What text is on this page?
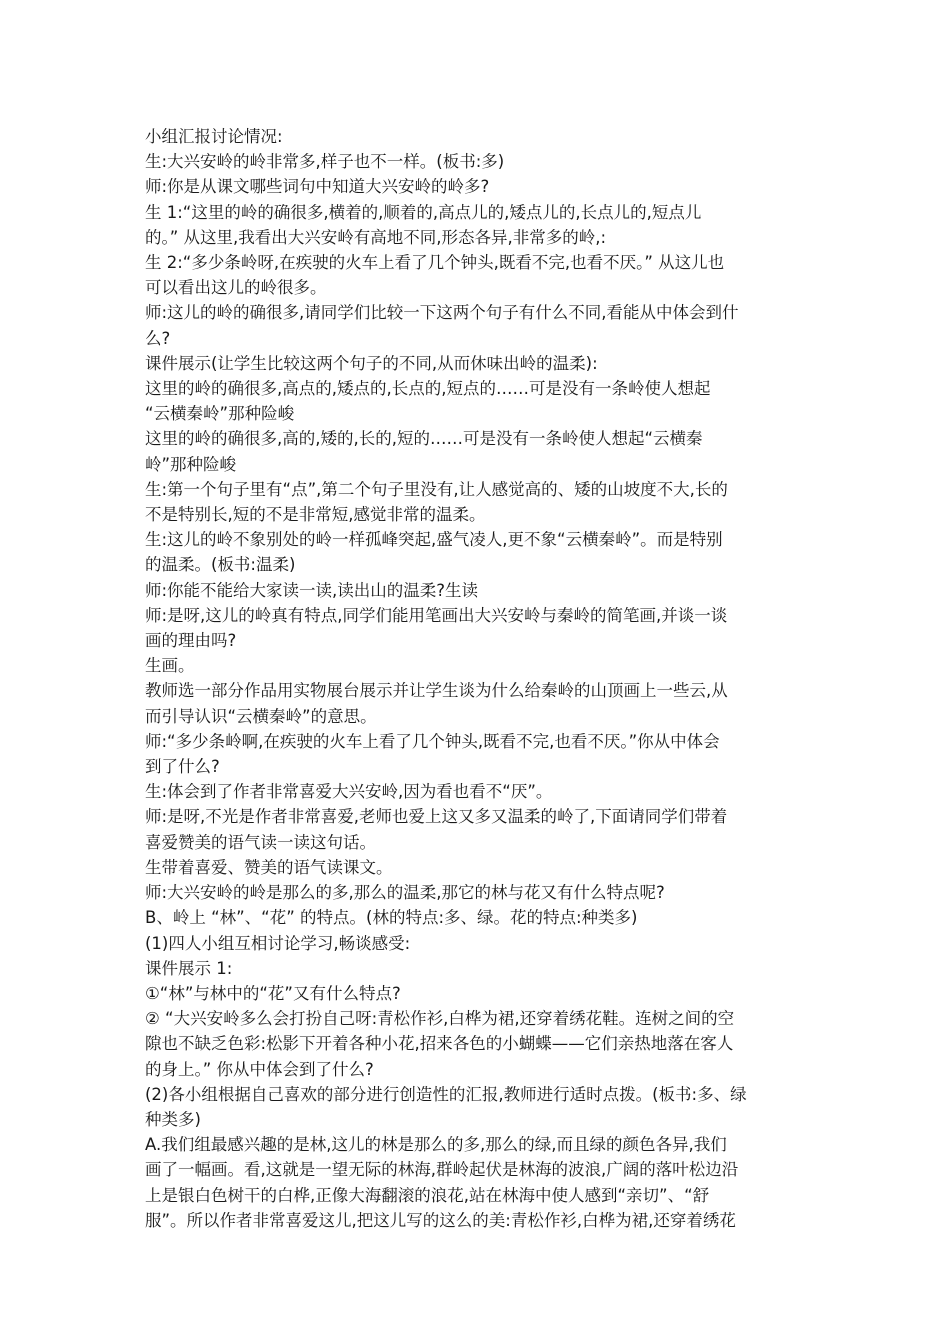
小组汇报讨论情况:
生:大兴安岭的岭非常多,样子也不一样。(板书:多)
师:你是从课文哪些词句中知道大兴安岭的岭多?
生 1:“这里的岭的确很多,横着的,顺着的,高点儿的,矮点儿的,长点儿的,短点儿
的。” 从这里,我看出大兴安岭有高地不同,形态各异,非常多的岭,:
生 2:“多少条岭呀,在疾驶的火车上看了几个钟头,既看不完,也看不厌。” 从这儿也
可以看出这儿的岭很多。
师:这儿的岭的确很多,请同学们比较一下这两个句子有什么不同,看能从中体会到什
么?
课件展示(让学生比较这两个句子的不同,从而休味出岭的温柔):
这里的岭的确很多,高点的,矮点的,长点的,短点的……可是没有一条岭使人想起
“云横秦岭”那种险峻
这里的岭的确很多,高的,矮的,长的,短的……可是没有一条岭使人想起“云横秦
岭”那种险峻
生:第一个句子里有“点”,第二个句子里没有,让人感觉高的、矮的山坡度不大,长的
不是特别长,短的不是非常短,感觉非常的温柔。
生:这儿的岭不象别处的岭一样孤峰突起,盛气凌人,更不象“云横秦岭”。而是特别
的温柔。(板书:温柔)
师:你能不能给大家读一读,读出山的温柔?生读
师:是呀,这儿的岭真有特点,同学们能用笔画出大兴安岭与秦岭的简笔画,并谈一谈
画的理由吗?
生画。
教师选一部分作品用实物展台展示并让学生谈为什么给秦岭的山顶画上一些云,从
而引导认识“云横秦岭”的意思。
师:“多少条岭啊,在疾驶的火车上看了几个钟头,既看不完,也看不厌。”你从中体会
到了什么?
生:体会到了作者非常喜爱大兴安岭,因为看也看不“厌”。
师:是呀,不光是作者非常喜爱,老师也爱上这又多又温柔的岭了,下面请同学们带着
喜爱赞美的语气读一读这句话。
生带着喜爱、赞美的语气读课文。
师:大兴安岭的岭是那么的多,那么的温柔,那它的林与花又有什么特点呢?
B、岭上 “林”、“花” 的特点。(林的特点:多、绿。花的特点:种类多)
(1)四人小组互相讨论学习,畅谈感受:
课件展示 1:
①“林”与林中的“花”又有什么特点?
② “大兴安岭多么会打扮自己呀:青松作衫,白桦为裙,还穿着绣花鞋。连树之间的空
隙也不缺乏色彩:松影下开着各种小花,招来各色的小蝴蝶——它们亲热地落在客人
的身上。” 你从中体会到了什么?
(2)各小组根据自己喜欢的部分进行创造性的汇报,教师进行适时点拨。(板书:多、绿
种类多)
A.我们组最感兴趣的是林,这儿的林是那么的多,那么的绿,而且绿的颜色各异,我们
画了一幅画。看,这就是一望无际的林海,群岭起伏是林海的波浪,广阔的落叶松边沿
上是银白色树干的白桦,正像大海翻滚的浪花,站在林海中使人感到“亲切”、“舒
服”。所以作者非常喜爱这儿,把这儿写的这么的美:青松作衫,白桦为裙,还穿着绣花
